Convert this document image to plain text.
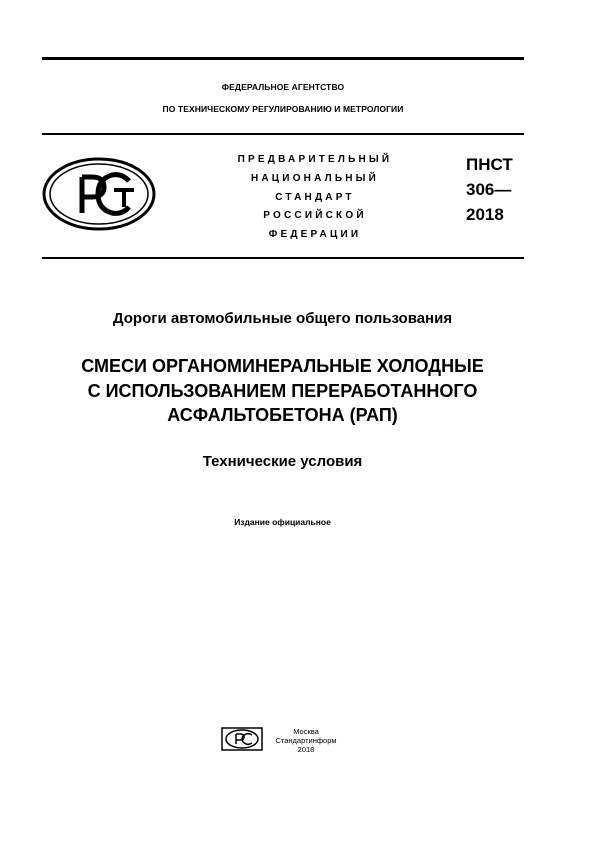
ФЕДЕРАЛЬНОЕ АГЕНТСТВО
ПО ТЕХНИЧЕСКОМУ РЕГУЛИРОВАНИЮ И МЕТРОЛОГИИ
ПРЕДВАРИТЕЛЬНЫЙ
НАЦИОНАЛЬНЫЙ
СТАНДАРТ
РОССИЙСКОЙ
ФЕДЕРАЦИИ
ПНСТ
306—
2018
Дороги автомобильные общего пользования
СМЕСИ ОРГАНОМИНЕРАЛЬНЫЕ ХОЛОДНЫЕ
С ИСПОЛЬЗОВАНИЕМ ПЕРЕРАБОТАННОГО
АСФАЛЬТОБЕТОНА (РАП)
Технические условия
Издание официальное
Москва
Стандартинформ
2018
